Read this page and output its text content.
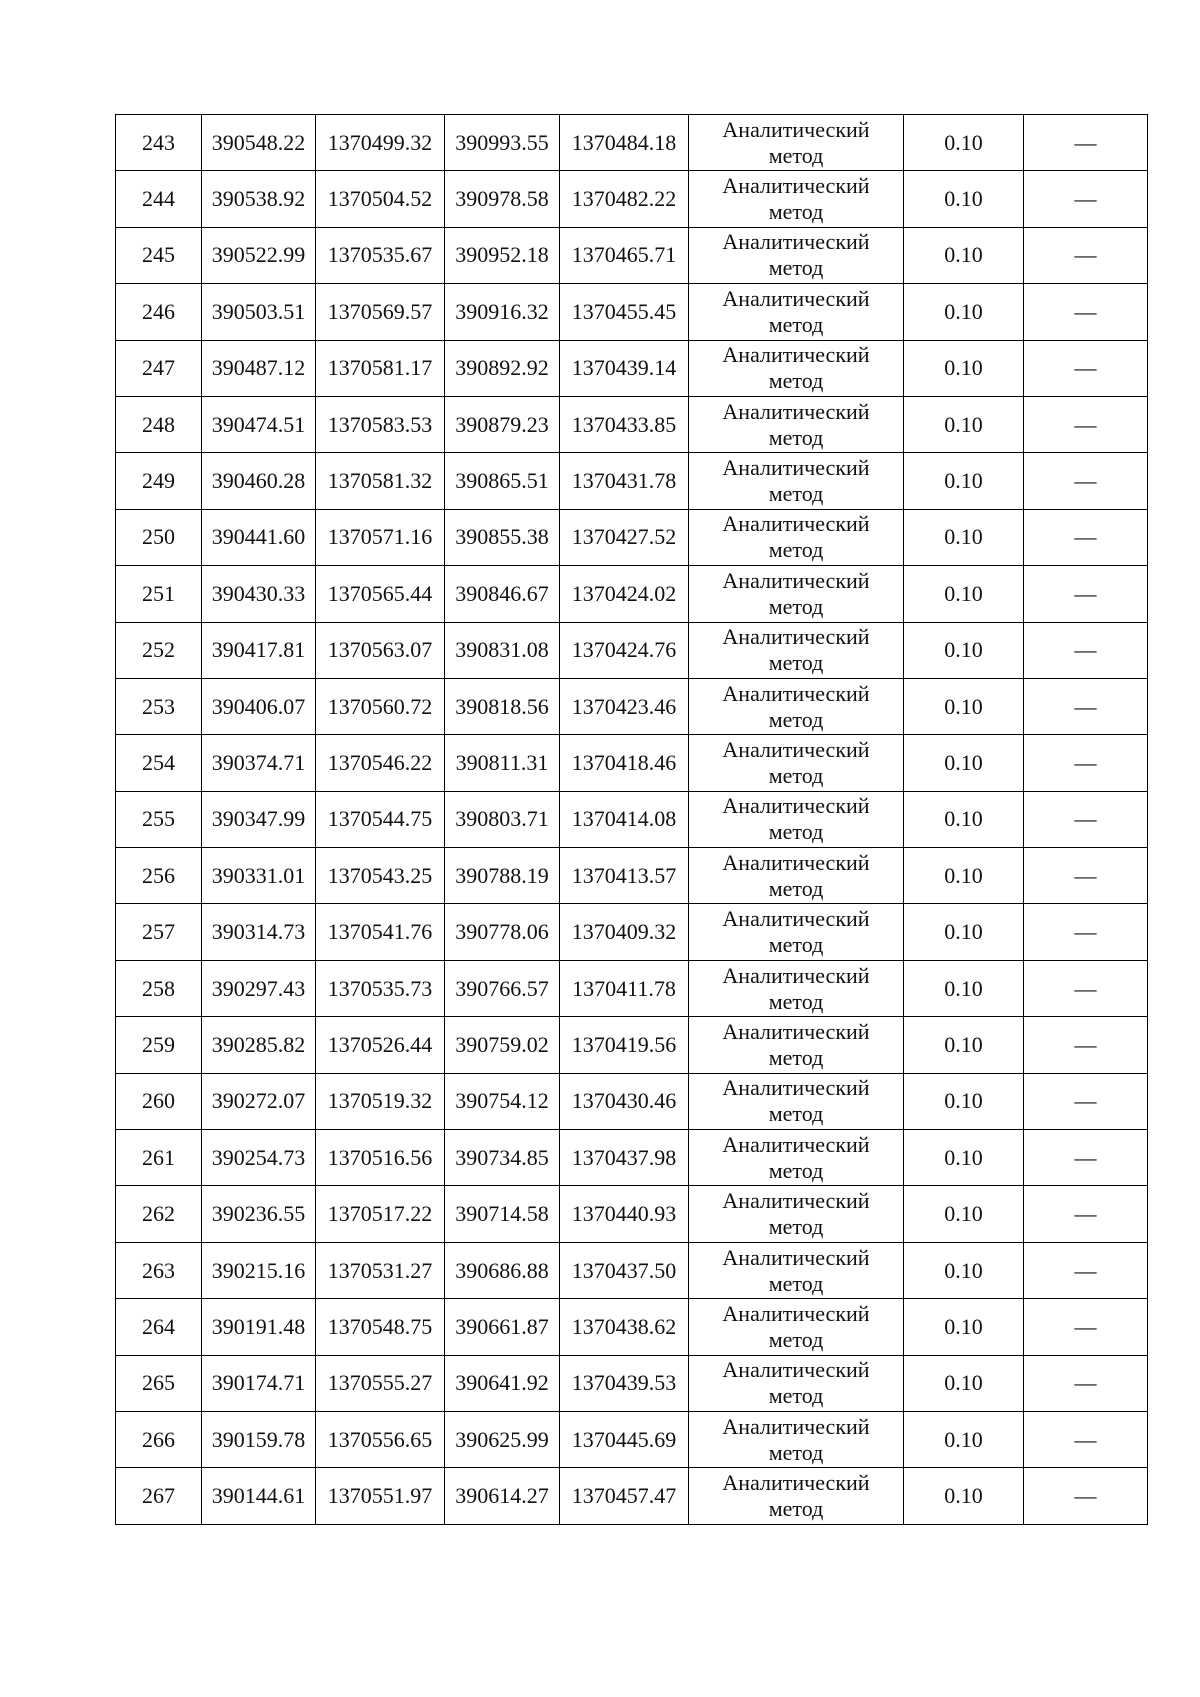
243	390548.22	1370499.32	390993.55	1370484.18	Аналитический
метод	0.10	—
244	390538.92	1370504.52	390978.58	1370482.22	Аналитический
метод	0.10	—
245	390522.99	1370535.67	390952.18	1370465.71	Аналитический
метод	0.10	—
246	390503.51	1370569.57	390916.32	1370455.45	Аналитический
метод	0.10	—
247	390487.12	1370581.17	390892.92	1370439.14	Аналитический
метод	0.10	—
248	390474.51	1370583.53	390879.23	1370433.85	Аналитический
метод	0.10	—
249	390460.28	1370581.32	390865.51	1370431.78	Аналитический
метод	0.10	—
250	390441.60	1370571.16	390855.38	1370427.52	Аналитический
метод	0.10	—
251	390430.33	1370565.44	390846.67	1370424.02	Аналитический
метод	0.10	—
252	390417.81	1370563.07	390831.08	1370424.76	Аналитический
метод	0.10	—
253	390406.07	1370560.72	390818.56	1370423.46	Аналитический
метод	0.10	—
254	390374.71	1370546.22	390811.31	1370418.46	Аналитический
метод	0.10	—
255	390347.99	1370544.75	390803.71	1370414.08	Аналитический
метод	0.10	—
256	390331.01	1370543.25	390788.19	1370413.57	Аналитический
метод	0.10	—
257	390314.73	1370541.76	390778.06	1370409.32	Аналитический
метод	0.10	—
258	390297.43	1370535.73	390766.57	1370411.78	Аналитический
метод	0.10	—
259	390285.82	1370526.44	390759.02	1370419.56	Аналитический
метод	0.10	—
260	390272.07	1370519.32	390754.12	1370430.46	Аналитический
метод	0.10	—
261	390254.73	1370516.56	390734.85	1370437.98	Аналитический
метод	0.10	—
262	390236.55	1370517.22	390714.58	1370440.93	Аналитический
метод	0.10	—
263	390215.16	1370531.27	390686.88	1370437.50	Аналитический
метод	0.10	—
264	390191.48	1370548.75	390661.87	1370438.62	Аналитический
метод	0.10	—
265	390174.71	1370555.27	390641.92	1370439.53	Аналитический
метод	0.10	—
266	390159.78	1370556.65	390625.99	1370445.69	Аналитический
метод	0.10	—
267	390144.61	1370551.97	390614.27	1370457.47	Аналитический
метод	0.10	—
